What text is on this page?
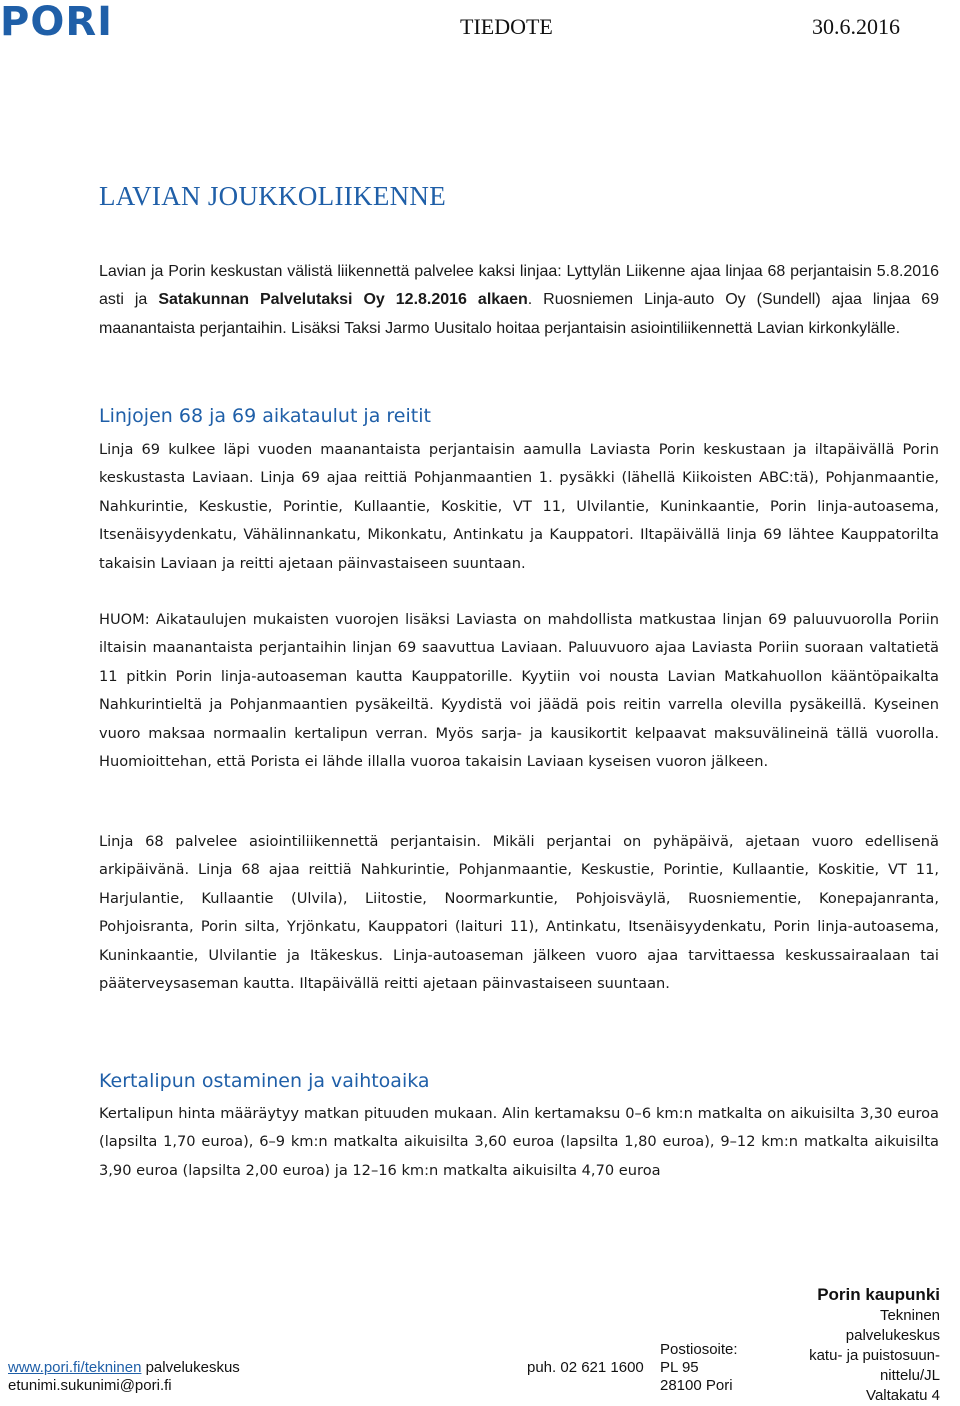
PORI	TIEDOTE	30.6.2016
LAVIAN JOUKKOLIIKENNE
Lavian ja Porin keskustan välistä liikennettä palvelee kaksi linjaa: Lyttylän Liikenne ajaa linjaa 68 perjantaisin 5.8.2016 asti ja Satakunnan Palvelutaksi Oy 12.8.2016 alkaen. Ruosniemen Linja-auto Oy (Sundell) ajaa linjaa 69 maanantaista perjantaihin. Lisäksi Taksi Jarmo Uusitalo hoitaa perjantaisin asiointiliikennettä Lavian kirkonkylälle.
Linjojen 68 ja 69 aikataulut ja reitit
Linja 69 kulkee läpi vuoden maanantaista perjantaisin aamulla Laviasta Porin keskustaan ja iltapäivällä Porin keskustasta Laviaan. Linja 69 ajaa reittiä Pohjanmaantien 1. pysäkki (lähellä Kiikoisten ABC:tä), Pohjanmaantie, Nahkurintie, Keskustie, Porintie, Kullaantie, Koskitie, VT 11, Ulvilantie, Kuninkaantie, Porin linja-autoasema, Itsenäisyydenkatu, Vähälinnankatu, Mikonkatu, Antinkatu ja Kauppatori. Iltapäivällä linja 69 lähtee Kauppatorilta takaisin Laviaan ja reitti ajetaan päinvastaiseen suuntaan.
HUOM: Aikataulujen mukaisten vuorojen lisäksi Laviasta on mahdollista matkustaa linjan 69 paluuvuorolla Poriin iltaisin maanantaista perjantaihin linjan 69 saavuttua Laviaan. Paluuvuoro ajaa Laviasta Poriin suoraan valtatietä 11 pitkin Porin linja-autoaseman kautta Kauppatorille. Kyytiin voi nousta Lavian Matkahuollon kääntöpaikalta Nahkurintieltä ja Pohjanmaantien pysäkeiltä. Kyydistä voi jäädä pois reitin varrella olevilla pysäkeillä. Kyseinen vuoro maksaa normaalin kertalipun verran. Myös sarja- ja kausikortit kelpaavat maksuvälineinä tällä vuorolla. Huomioittehan, että Porista ei lähde illalla vuoroa takaisin Laviaan kyseisen vuoron jälkeen.
Linja 68 palvelee asiointiliikennettä perjantaisin. Mikäli perjantai on pyhäpäivä, ajetaan vuoro edellisenä arkipäivänä. Linja 68 ajaa reittiä Nahkurintie, Pohjanmaantie, Keskustie, Porintie, Kullaantie, Koskitie, VT 11, Harjulantie, Kullaantie (Ulvila), Liitostie, Noormarkuntie, Pohjoisväylä, Ruosniementie, Konepajanranta, Pohjoisranta, Porin silta, Yrjönkatu, Kauppatori (laituri 11), Antinkatu, Itsenäisyydenkatu, Porin linja-autoasema, Kuninkaantie, Ulvilantie ja Itäkeskus. Linja-autoaseman jälkeen vuoro ajaa tarvittaessa keskussairaalaan tai pääterveysaseman kautta. Iltapäivällä reitti ajetaan päinvastaiseen suuntaan.
Kertalipun ostaminen ja vaihtoaika
Kertalipun hinta määräytyy matkan pituuden mukaan. Alin kertamaksu 0–6 km:n matkalta on aikuisilta 3,30 euroa (lapsilta 1,70 euroa), 6–9 km:n matkalta aikuisilta 3,60 euroa (lapsilta 1,80 euroa), 9–12 km:n matkalta aikuisilta 3,90 euroa (lapsilta 2,00 euroa) ja 12–16 km:n matkalta aikuisilta 4,70 euroa
www.pori.fi/tekninen palvelukeskus
etunimi.sukunimi@pori.fi
puh. 02 621 1600
Postiosoite:
PL 95
28100 Pori
Porin kaupunki
Tekninen
palvelukeskus
katu- ja puistosuun-
nittelu/JL
Valtakatu 4
